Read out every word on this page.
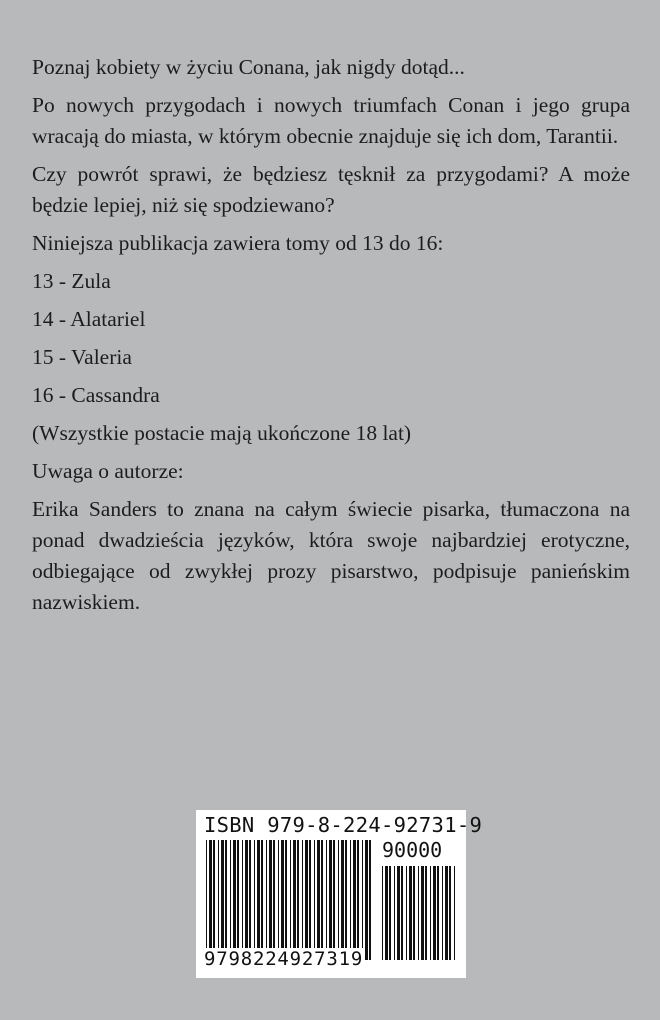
Poznaj kobiety w życiu Conana, jak nigdy dotąd...

Po nowych przygodach i nowych triumfach Conan i jego grupa wracają do miasta, w którym obecnie znajduje się ich dom, Tarantii.

Czy powrót sprawi, że będziesz tęsknił za przygodami? A może będzie lepiej, niż się spodziewano?

Niniejsza publikacja zawiera tomy od 13 do 16:

13 - Zula

14 - Alatariel

15 - Valeria

16 - Cassandra

(Wszystkie postacie mają ukończone 18 lat)

Uwaga o autorze:

Erika Sanders to znana na całym świecie pisarka, tłumaczona na ponad dwadzieścia języków, która swoje najbardziej erotyczne, odbiegające od zwykłej prozy pisarstwo, podpisuje panieńskim nazwiskiem.

ISBN 979-8-224-92731-9
90000
9798224927319
